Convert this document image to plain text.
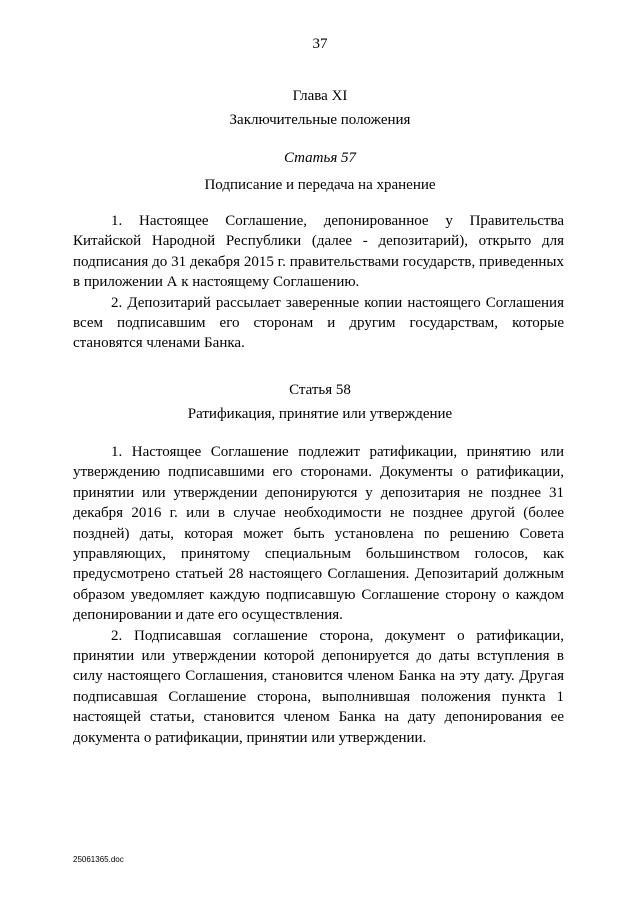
37
Глава XI
Заключительные положения
Статья 57
Подписание и передача на хранение

1. Настоящее Соглашение, депонированное у Правительства Китайской Народной Республики (далее - депозитарий), открыто для подписания до 31 декабря 2015 г. правительствами государств, приведенных в приложении А к настоящему Соглашению.

2. Депозитарий рассылает заверенные копии настоящего Соглашения всем подписавшим его сторонам и другим государствам, которые становятся членами Банка.

Статья 58
Ратификация, принятие или утверждение

1. Настоящее Соглашение подлежит ратификации, принятию или утверждению подписавшими его сторонами. Документы о ратификации, принятии или утверждении депонируются у депозитария не позднее 31 декабря 2016 г. или в случае необходимости не позднее другой (более поздней) даты, которая может быть установлена по решению Совета управляющих, принятому специальным большинством голосов, как предусмотрено статьей 28 настоящего Соглашения. Депозитарий должным образом уведомляет каждую подписавшую Соглашение сторону о каждом депонировании и дате его осуществления.

2. Подписавшая соглашение сторона, документ о ратификации, принятии или утверждении которой депонируется до даты вступления в силу настоящего Соглашения, становится членом Банка на эту дату. Другая подписавшая Соглашение сторона, выполнившая положения пункта 1 настоящей статьи, становится членом Банка на дату депонирования ее документа о ратификации, принятии или утверждении.

25061365.doc
